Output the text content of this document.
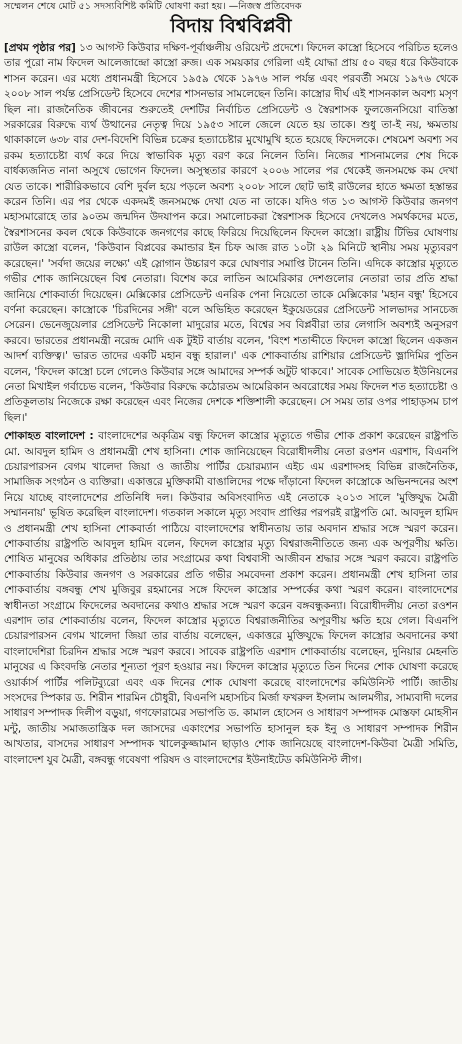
সম্মেলন শেষে মোট ৫১ সদস্যবিশিষ্ট কমিটি ঘোষণা করা হয়। —নিজস্ব প্রতিবেদক
বিদায় বিশ্ববিপ্লবী

[প্রথম পৃষ্ঠার পর] ১৩ আগস্ট কিউবার দক্ষিণ-পূর্বাঞ্চলীয় ওরিয়েন্ট প্রদেশে। ফিদেল কাস্ত্রো হিসেবে পরিচিত হলেও তার পুরো নাম ফিদেল আলেজান্দ্রো কাস্ত্রো রুজ। এক সময়কার গেরিলা এই যোদ্ধা প্রায় ৫০ বছর ধরে কিউবাকে শাসন করেন। এর মধ্যে প্রধানমন্ত্রী হিসেবে ১৯৫৯ থেকে ১৯৭৬ সাল পর্যন্ত এবং পরবর্তী সময়ে ১৯৭৬ থেকে ২০০৮ সাল পর্যন্ত প্রেসিডেন্ট হিসেবে দেশের শাসনভার সামলেছেন তিনি। কাস্ত্রোর দীর্ঘ এই শাসনকাল অবশ্য মসৃণ ছিল না। রাজনৈতিক জীবনের শুরুতেই দেশটির নির্বাচিত প্রেসিডেন্ট ও স্বৈরশাসক ফুলজেনসিয়ো বাতিস্তা সরকারের বিরুদ্ধে ব্যর্থ উত্থানের নেতৃত্ব দিয়ে ১৯৫৩ সালে জেলে যেতে হয় তাকে। শুধু তা-ই নয়, ক্ষমতায় থাকাকালে ৬৩৮ বার দেশ-বিদেশি বিভিন্ন চক্রের হত্যাচেষ্টার মুখোমুখি হতে হয়েছে ফিদেলকে। শেষমেশ অবশ্য সব রকম হত্যাচেষ্টা ব্যর্থ করে দিয়ে স্বাভাবিক মৃত্যু বরণ করে নিলেন তিনি। নিজের শাসনামলের শেষ দিকে বার্ধক্যজনিত নানা অসুখে ভোগেন ফিদেল। অসুস্থতার কারণে ২০০৬ সালের পর থেকেই জনসমক্ষে কম দেখা যেত তাকে। শারীরিকভাবে বেশি দুর্বল হয়ে পড়লে অবশ্য ২০০৮ সালে ছোট ভাই রাউলের হাতে ক্ষমতা হস্তান্তর করেন তিনি। এর পর থেকে একদমই জনসমক্ষে দেখা যেত না তাকে। যদিও গত ১৩ আগস্ট কিউবার জনগণ মহাসমারোহে তার ৯০তম জন্মদিন উদযাপন করে। সমালোচকরা স্বৈরশাসক হিসেবে দেখলেও সমর্থকদের মতে, স্বৈরশাসনের কবল থেকে কিউবাকে জনগণের কাছে ফিরিয়ে দিয়েছিলেন ফিদেল কাস্ত্রো। রাষ্ট্রীয় টিভির ঘোষণায় রাউল কাস্ত্রো বলেন, 'কিউবান বিপ্লবের কমান্ডার ইন চিফ আজ রাত ১০টা ২৯ মিনিটে স্থানীয় সময় মৃত্যুবরণ করেছেন।' 'সর্বদা জয়ের লক্ষ্যে' এই স্লোগান উচ্চারণ করে ঘোষণার সমাপ্তি টানেন তিনি। এদিকে কাস্ত্রোর মৃত্যুতে গভীর শোক জানিয়েছেন বিশ্ব নেতারা। বিশেষ করে লাতিন আমেরিকার দেশগুলোর নেতারা তার প্রতি শ্রদ্ধা জানিয়ে শোকবার্তা দিয়েছেন। মেক্সিকোর প্রেসিডেন্ট এনরিক পেনা নিয়েতো তাকে মেক্সিকোর 'মহান বন্ধু' হিসেবে বর্ণনা করেছেন। কাস্ত্রোকে 'চিরদিনের সঙ্গী' বলে অভিহিত করেছেন ইকুয়েডরের প্রেসিডেন্ট সালভাদর সানচেজ সেরেন। ভেনেজুয়েলার প্রেসিডেন্ট নিকোলা মাদুরোর মতে, বিশ্বের সব বিপ্লবীরা তার লেগাসি অবশ্যই অনুসরণ করবে। ভারতের প্রধানমন্ত্রী নরেন্দ্র মোদি এক টুইট বার্তায় বলেন, 'বিংশ শতাব্দীতে ফিদেল কাস্ত্রো ছিলেন একজন আদর্শ ব্যক্তিত্ব।' ভারত তাদের একটি মহান বন্ধু হারাল।' এক শোকবার্তায় রাশিয়ার প্রেসিডেন্ট ভ্লাদিমির পুতিন বলেন, 'ফিদেল কাস্ত্রো চলে গেলেও কিউবার সঙ্গে আমাদের সম্পর্ক অটুট থাকবে।' সাবেক সোভিয়েত ইউনিয়নের নেতা মিখাইল গর্বাচেভ বলেন, 'কিউবার বিরুদ্ধে কঠোরতম আমেরিকান অবরোধের সময় ফিদেল শত হত্যাচেষ্টা ও প্রতিকূলতায় নিজেকে রক্ষা করেছেন এবং নিজের দেশকে শক্তিশালী করেছেন। সে সময় তার ওপর পাহাড়সম চাপ ছিল।'

শোকাহত বাংলাদেশ : বাংলাদেশের অকৃত্রিম বন্ধু ফিদেল কাস্ত্রোর মৃত্যুতে গভীর শোক প্রকাশ করেছেন রাষ্ট্রপতি মো. আবদুল হামিদ ও প্রধানমন্ত্রী শেখ হাসিনা। শোক জানিয়েছেন বিরোধীদলীয় নেতা রওশন এরশাদ, বিএনপি চেয়ারপারসন বেগম খালেদা জিয়া ও জাতীয় পার্টির চেয়ারম্যান এইচ এম এরশাদসহ বিভিন্ন রাজনৈতিক, সামাজিক সংগঠন ও ব্যক্তিরা। একাত্তরে মুক্তিকামী বাঙালিদের পক্ষে দাঁড়ানো ফিদেল কাস্ত্রোকে অভিনন্দনের অংশ নিয়ে যাচ্ছে বাংলাদেশের প্রতিনিধি দল। কিউবার অবিসংবাদিত এই নেতাকে ২০১৩ সালে 'মুক্তিযুদ্ধ মৈত্রী সম্মাননায়' ভূষিত করেছিল বাংলাদেশ। গতকাল সকালে মৃত্যু সংবাদ প্রাপ্তির পরপরই রাষ্ট্রপতি মো. আবদুল হামিদ ও প্রধানমন্ত্রী শেখ হাসিনা শোকবার্তা পাঠিয়ে বাংলাদেশের স্বাধীনতায় তার অবদান শ্রদ্ধার সঙ্গে স্মরণ করেন। শোকবার্তায় রাষ্ট্রপতি আবদুল হামিদ বলেন, ফিদেল কাস্ত্রোর মৃত্যু বিশ্বরাজনীতিতে জন্য এক অপূরণীয় ক্ষতি। শোষিত মানুষের অধিকার প্রতিষ্ঠায় তার সংগ্রামের কথা বিশ্ববাসী আজীবন শ্রদ্ধার সঙ্গে স্মরণ করবে। রাষ্ট্রপতি শোকবার্তায় কিউবার জনগণ ও সরকারের প্রতি গভীর সমবেদনা প্রকাশ করেন। প্রধানমন্ত্রী শেখ হাসিনা তার শোকবার্তায় বঙ্গবন্ধু শেখ মুজিবুর রহমানের সঙ্গে ফিদেল কাস্ত্রোর সম্পর্কের কথা স্মরণ করেন। বাংলাদেশের স্বাধীনতা সংগ্রামে ফিদেলের অবদানের কথাও শ্রদ্ধার সঙ্গে স্মরণ করেন বঙ্গবন্ধুকন্যা। বিরোধীদলীয় নেতা রওশন এরশাদ তার শোকবার্তায় বলেন, ফিদেল কাস্ত্রোর মৃত্যুতে বিশ্বরাজনীতির অপূরণীয় ক্ষতি হয়ে গেল। বিএনপি চেয়ারপারসন বেগম খালেদা জিয়া তার বার্তায় বলেছেন, একাত্তরে মুক্তিযুদ্ধে ফিদেল কাস্ত্রোর অবদানের কথা বাংলাদেশিরা চিরদিন শ্রদ্ধার সঙ্গে স্মরণ করবে। সাবেক রাষ্ট্রপতি এরশাদ শোকবার্তায় বলেছেন, দুনিয়ার মেহনতি মানুষের এ কিংবদন্তি নেতার শূন্যতা পূরণ হওয়ার নয়। ফিদেল কাস্ত্রোর মৃত্যুতে তিন দিনের শোক ঘোষণা করেছে ওয়ার্কার্স পার্টির পলিটব্যুরো এবং এক দিনের শোক ঘোষণা করেছে বাংলাদেশের কমিউনিস্ট পার্টি। জাতীয় সংসদের স্পিকার ড. শিরীন শারমিন চৌধুরী, বিএনপি মহাসচিব মির্জা ফখরুল ইসলাম আলমগীর, সাম্যবাদী দলের সাধারণ সম্পাদক দিলীপ বড়ুয়া, গণফোরামের সভাপতি ড. কামাল হোসেন ও সাধারণ সম্পাদক মোস্তফা মোহসীন মন্টু, জাতীয় সমাজতান্ত্রিক দল জাসদের একাংশের সভাপতি হাসানুল হক ইনু ও সাধারণ সম্পাদক শিরীন আখতার, বাসদের সাধারণ সম্পাদক খালেকুজ্জামান ছাড়াও শোক জানিয়েছে বাংলাদেশ-কিউবা মৈত্রী সমিতি, বাংলাদেশ যুব মৈত্রী, বঙ্গবন্ধু গবেষণা পরিষদ ও বাংলাদেশের ইউনাইটেড কমিউনিস্ট লীগ।
